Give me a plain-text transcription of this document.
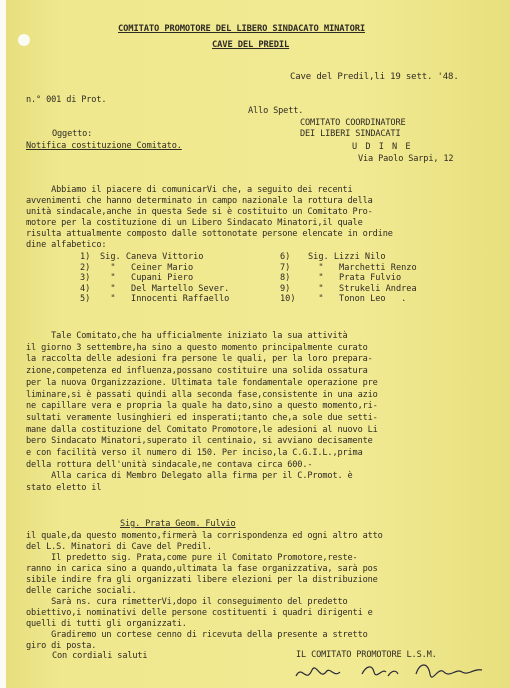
COMITATO PROMOTORE DEL LIBERO SINDACATO MINATORI
CAVE DEL PREDIL
Cave del Predil,li 19 sett. '48.
n.° 001 di Prot.
Allo Spett.
COMITATO COORDINATORE
DEI LIBERI SINDACATI
U D I N E
Via Paolo Sarpi, 12
Oggetto:
Notifica costituzione Comitato.
Abbiamo il piacere di comunicarVi che, a seguito dei recenti
avvenimenti che hanno determinato in campo nazionale la rottura della
unità sindacale,anche in questa Sede si è costituito un Comitato Pro-
motore per la costituzione di un Libero Sindacato Minatori,il quale
risulta attualmente composto dalle sottonotate persone elencate in ordine
dine alfabetico:
1) Sig. Caneva Vittorio	6) Sig. Lizzi Nilo
2) "   Ceiner Mario	7) "   Marchetti Renzo
3) "   Cupani Piero	8) "   Prata Fulvio
4) "   Del Martello Sever.	9) "   Strukeli Andrea
5) "   Innocenti Raffaello	10) "   Tonon Leo   .
Tale Comitato,che ha ufficialmente iniziato la sua attività
il giorno 3 settembre,ha sino a questo momento principalmente curato
la raccolta delle adesioni fra persone le quali, per la loro prepara-
zione,competenza ed influenza,possano costituire una solida ossatura
per la nuova Organizzazione. Ultimata tale fondamentale operazione pre
liminare,si è passati quindi alla seconda fase,consistente in una azio
ne capillare vera e propria la quale ha dato,sino a questo momento,ri-
sultati veramente lusinghieri ed insperati;tanto che,a sole due setti-
mane dalla costituzione del Comitato Promotore,le adesioni al nuovo Li
bero Sindacato Minatori,superato il centinaio, si avviano decisamente
e con facilità verso il numero di 150. Per inciso,la C.G.I.L.,prima
della rottura dell'unità sindacale,ne contava circa 600.-
Alla carica di Membro Delegato alla firma per il C.Promot. è
stato eletto il
Sig. Prata Geom. Fulvio
il quale,da questo momento,firmerà la corrispondenza ed ogni altro atto
del L.S. Minatori di Cave del Predil.
Il predetto sig. Prata,come pure il Comitato Promotore,reste-
ranno in carica sino a quando,ultimata la fase organizzativa, sarà pos
sibile indire fra gli organizzati libere elezioni per la distribuzione
delle cariche sociali.
Sarà ns. cura rimetterVi,dopo il conseguimento del predetto
obiettivo,i nominativi delle persone costituenti i quadri dirigenti e
quelli di tutti gli organizzati.
Gradiremo un cortese cenno di ricevuta della presente a stretto
giro di posta.
Con cordiali saluti	IL COMITATO PROMOTORE L.S.M.
